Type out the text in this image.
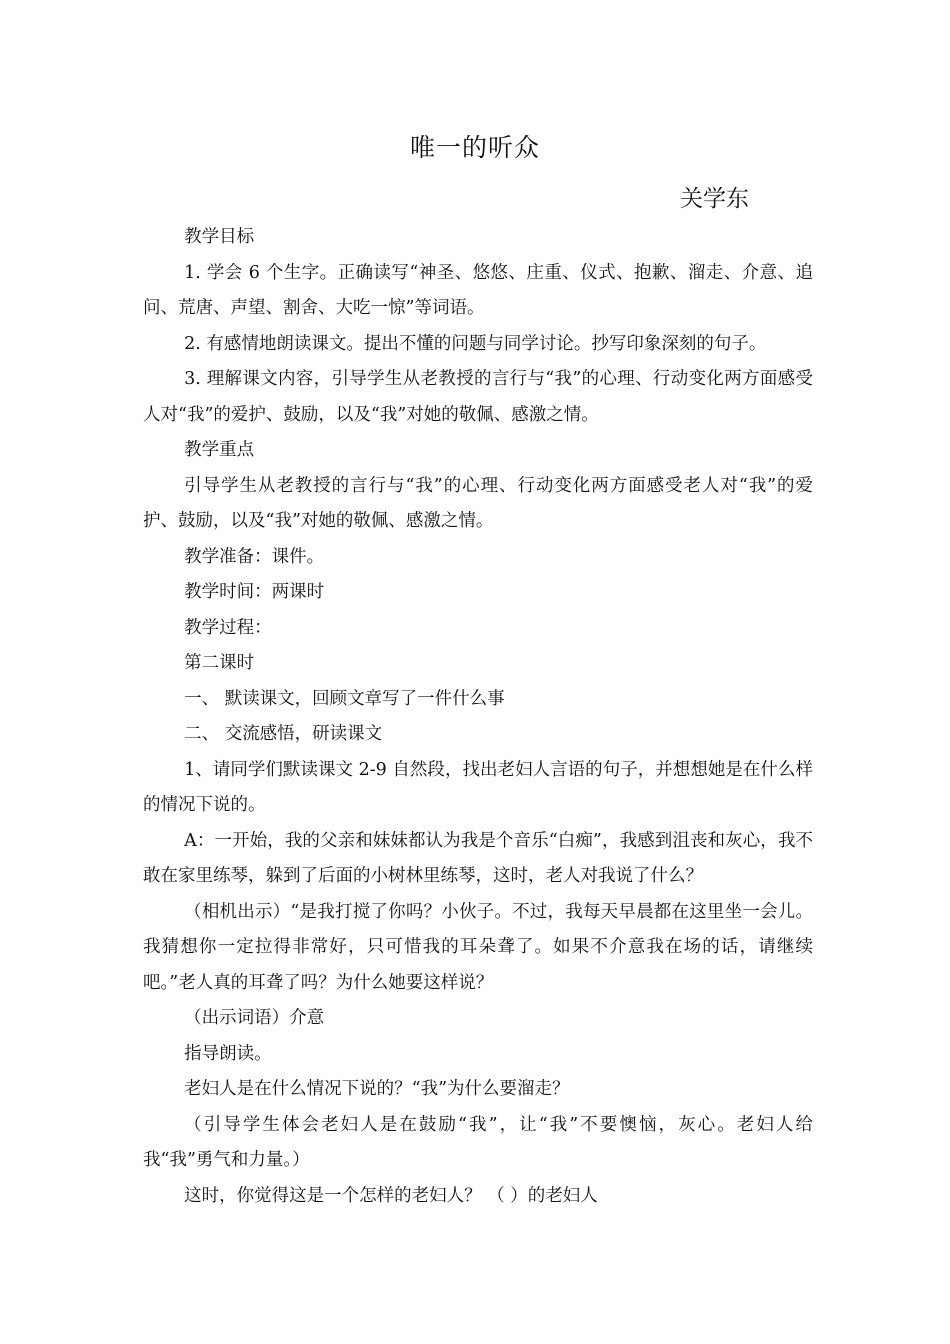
唯一的听众
关学东

教学目标

1. 学会 6 个生字。正确读写“神圣、悠悠、庄重、仪式、抱歉、溜走、介意、追问、荒唐、声望、割舍、大吃一惊”等词语。

2. 有感情地朗读课文。提出不懂的问题与同学讨论。抄写印象深刻的句子。

3. 理解课文内容，引导学生从老教授的言行与“我”的心理、行动变化两方面感受人对“我”的爱护、鼓励，以及“我”对她的敬佩、感激之情。

教学重点

引导学生从老教授的言行与“我”的心理、行动变化两方面感受老人对“我”的爱护、鼓励，以及“我”对她的敬佩、感激之情。

教学准备：课件。

教学时间：两课时

教学过程：

第二课时

一、 默读课文，回顾文章写了一件什么事

二、 交流感悟，研读课文

1、请同学们默读课文 2-9 自然段，找出老妇人言语的句子，并想想她是在什么样的情况下说的。

A：一开始，我的父亲和妹妹都认为我是个音乐“白痴”，我感到沮丧和灰心，我不敢在家里练琴，躲到了后面的小树林里练琴，这时，老人对我说了什么？

（相机出示）“是我打搅了你吗？小伙子。不过，我每天早晨都在这里坐一会儿。我猜想你一定拉得非常好，只可惜我的耳朵聋了。如果不介意我在场的话，请继续吧。”老人真的耳聋了吗？为什么她要这样说？

（出示词语）介意

指导朗读。

老妇人是在什么情况下说的？“我”为什么要溜走？

（引导学生体会老妇人是在鼓励“我”，让“我”不要懊恼，灰心。老妇人给我“我”勇气和力量。）

这时，你觉得这是一个怎样的老妇人？ （ ）的老妇人
